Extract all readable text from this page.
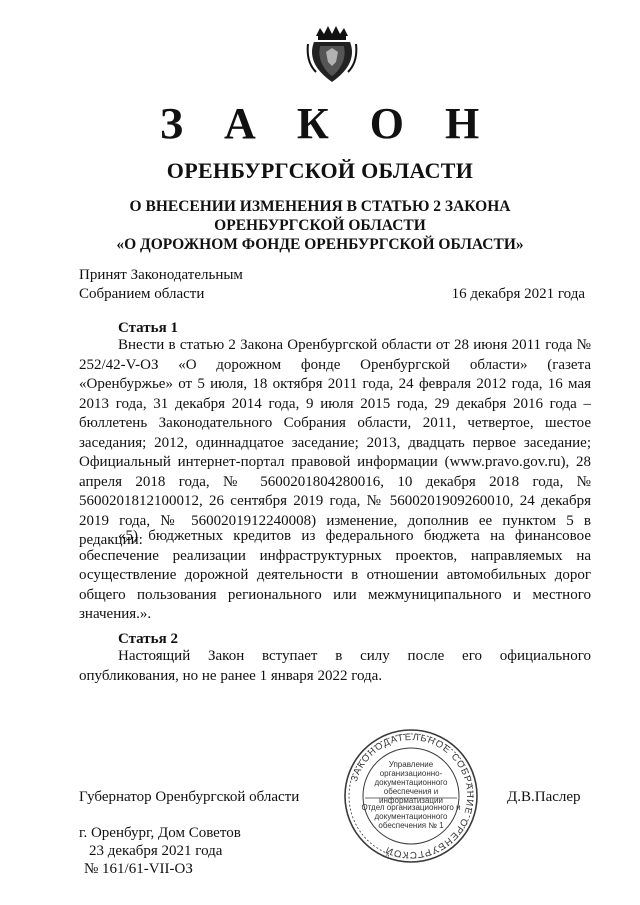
З А К О Н
ОРЕНБУРГСКОЙ ОБЛАСТИ
О ВНЕСЕНИИ ИЗМЕНЕНИЯ В СТАТЬЮ 2 ЗАКОНА
ОРЕНБУРГСКОЙ ОБЛАСТИ
«О ДОРОЖНОМ ФОНДЕ ОРЕНБУРГСКОЙ ОБЛАСТИ»
Принят Законодательным
Собранием области	16 декабря 2021 года
Статья 1

Внести в статью 2 Закона Оренбургской области от 28 июня 2011 года № 252/42-V-ОЗ «О дорожном фонде Оренбургской области» (газета «Оренбуржье» от 5 июля, 18 октября 2011 года, 24 февраля 2012 года, 16 мая 2013 года, 31 декабря 2014 года, 9 июля 2015 года, 29 декабря 2016 года – бюллетень Законодательного Собрания области, 2011, четвертое, шестое заседания; 2012, одиннадцатое заседание; 2013, двадцать первое заседание; Официальный интернет-портал правовой информации (www.pravo.gov.ru), 28 апреля 2018 года, № 5600201804280016, 10 декабря 2018 года, № 5600201812100012, 26 сентября 2019 года, № 5600201909260010, 24 декабря 2019 года, № 5600201912240008) изменение, дополнив ее пунктом 5 в редакции:

«5) бюджетных кредитов из федерального бюджета на финансовое обеспечение реализации инфраструктурных проектов, направляемых на осуществление дорожной деятельности в отношении автомобильных дорог общего пользования регионального или межмуниципального и местного значения.».

Статья 2

Настоящий Закон вступает в силу после его официального опубликования, но не ранее 1 января 2022 года.

Губернатор Оренбургской области	Д.В.Паслер
ЗАКОНОДАТЕЛЬНОЕ СОБРАНИЕ ОРЕНБУРГСКОЙ
Управление организационно-документационного обеспечения и информатизации
Отдел организационного и документационного обеспечения № 1
г. Оренбург, Дом Советов
23 декабря 2021 года
№ 161/61-VII-ОЗ
